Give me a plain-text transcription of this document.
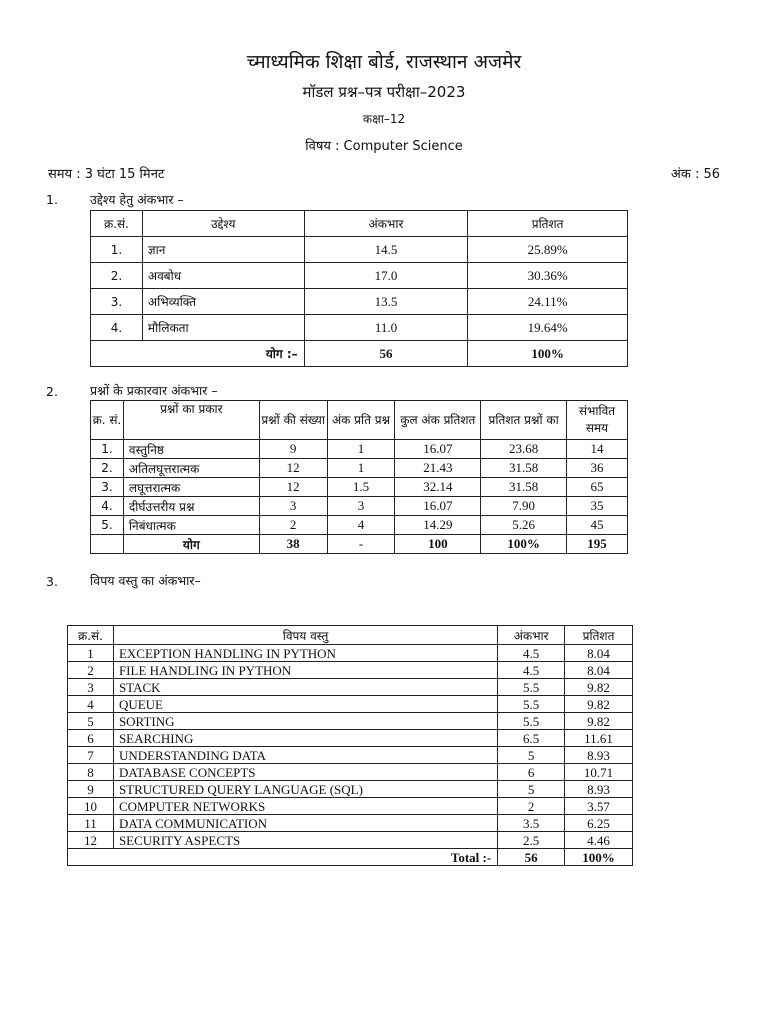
च्माध्यमिक शिक्षा बोर्ड, राजस्थान अजमेर
मॉडल प्रश्न–पत्र परीक्षा–2023
कक्षा–12
विषय : Computer Science
समय : 3 घंटा 15 मिनट	अंक : 56
1.	उद्देश्य हेतु अंकभार –
क्र.सं.	उद्देश्य	अंकभार	प्रतिशत
1.	ज्ञान	14.5	25.89%
2.	अवबोध	17.0	30.36%
3.	अभिव्यक्ति	13.5	24.11%
4.	मौलिकता	11.0	19.64%
योग :–		56	100%
2.	प्रश्नों के प्रकारवार अंकभार –
क्र. सं.	प्रश्नों का प्रकार	प्रश्नों की संख्या	अंक प्रति प्रश्न	कुल अंक प्रतिशत	प्रतिशत प्रश्नों का	संभावित समय
1.	वस्तुनिष्ठ	9	1	16.07	23.68	14
2.	अतिलघूत्तरात्मक	12	1	21.43	31.58	36
3.	लघूत्तरात्मक	12	1.5	32.14	31.58	65
4.	दीर्घउत्तरीय प्रश्न	3	3	16.07	7.90	35
5.	निबंधात्मक	2	4	14.29	5.26	45
	योग	38	-	100	100%	195
3.	विपय वस्तु का अंकभार–
क्र.सं.	विपय वस्तु	अंकभार	प्रतिशत
1	EXCEPTION HANDLING IN PYTHON	4.5	8.04
2	FILE HANDLING IN PYTHON	4.5	8.04
3	STACK	5.5	9.82
4	QUEUE	5.5	9.82
5	SORTING	5.5	9.82
6	SEARCHING	6.5	11.61
7	UNDERSTANDING DATA	5	8.93
8	DATABASE CONCEPTS	6	10.71
9	STRUCTURED QUERY LANGUAGE (SQL)	5	8.93
10	COMPUTER NETWORKS	2	3.57
11	DATA COMMUNICATION	3.5	6.25
12	SECURITY ASPECTS	2.5	4.46
Total :-		56	100%
